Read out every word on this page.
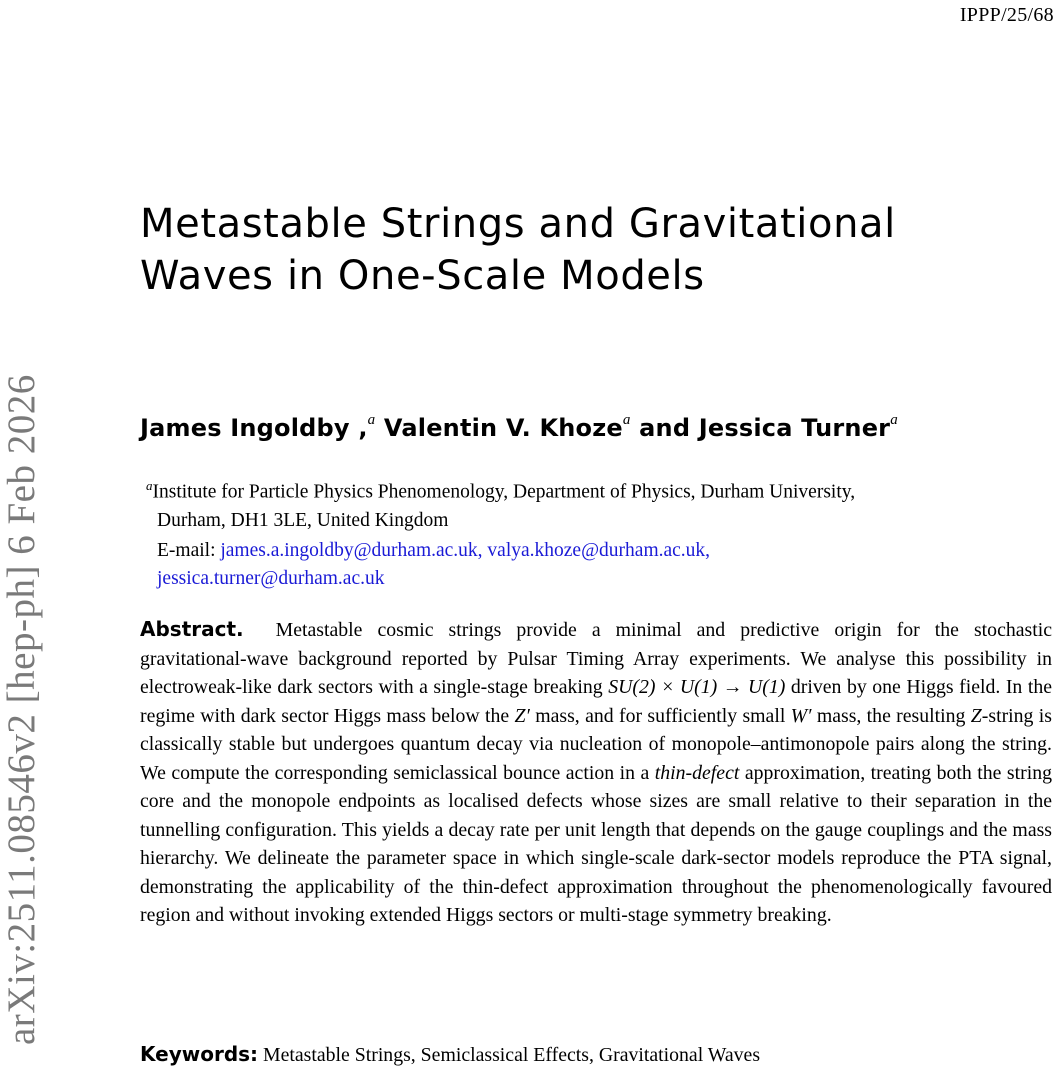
IPPP/25/68
arXiv:2511.08546v2 [hep-ph] 6 Feb 2026
Metastable Strings and Gravitational
Waves in One-Scale Models
James Ingoldby ,$^a$ Valentin V. Khoze$^a$ and Jessica Turner$^a$
$^a$Institute for Particle Physics Phenomenology, Department of Physics, Durham University,
Durham, DH1 3LE, United Kingdom
E-mail: james.a.ingoldby@durham.ac.uk, valya.khoze@durham.ac.uk,
jessica.turner@durham.ac.uk
Abstract. Metastable cosmic strings provide a minimal and predictive origin for the stochastic gravitational-wave background reported by Pulsar Timing Array experiments. We analyse this possibility in electroweak-like dark sectors with a single-stage breaking SU(2) × U(1) → U(1) driven by one Higgs field. In the regime with dark sector Higgs mass below the Z′ mass, and for sufficiently small W′ mass, the resulting Z-string is classically stable but undergoes quantum decay via nucleation of monopole–antimonopole pairs along the string. We compute the corresponding semiclassical bounce action in a thin-defect approximation, treating both the string core and the monopole endpoints as localised defects whose sizes are small relative to their separation in the tunnelling configuration. This yields a decay rate per unit length that depends on the gauge couplings and the mass hierarchy. We delineate the parameter space in which single-scale dark-sector models reproduce the PTA signal, demonstrating the applicability of the thin-defect approximation throughout the phenomenologically favoured region and without invoking extended Higgs sectors or multi-stage symmetry breaking.
Keywords: Metastable Strings, Semiclassical Effects, Gravitational Waves
